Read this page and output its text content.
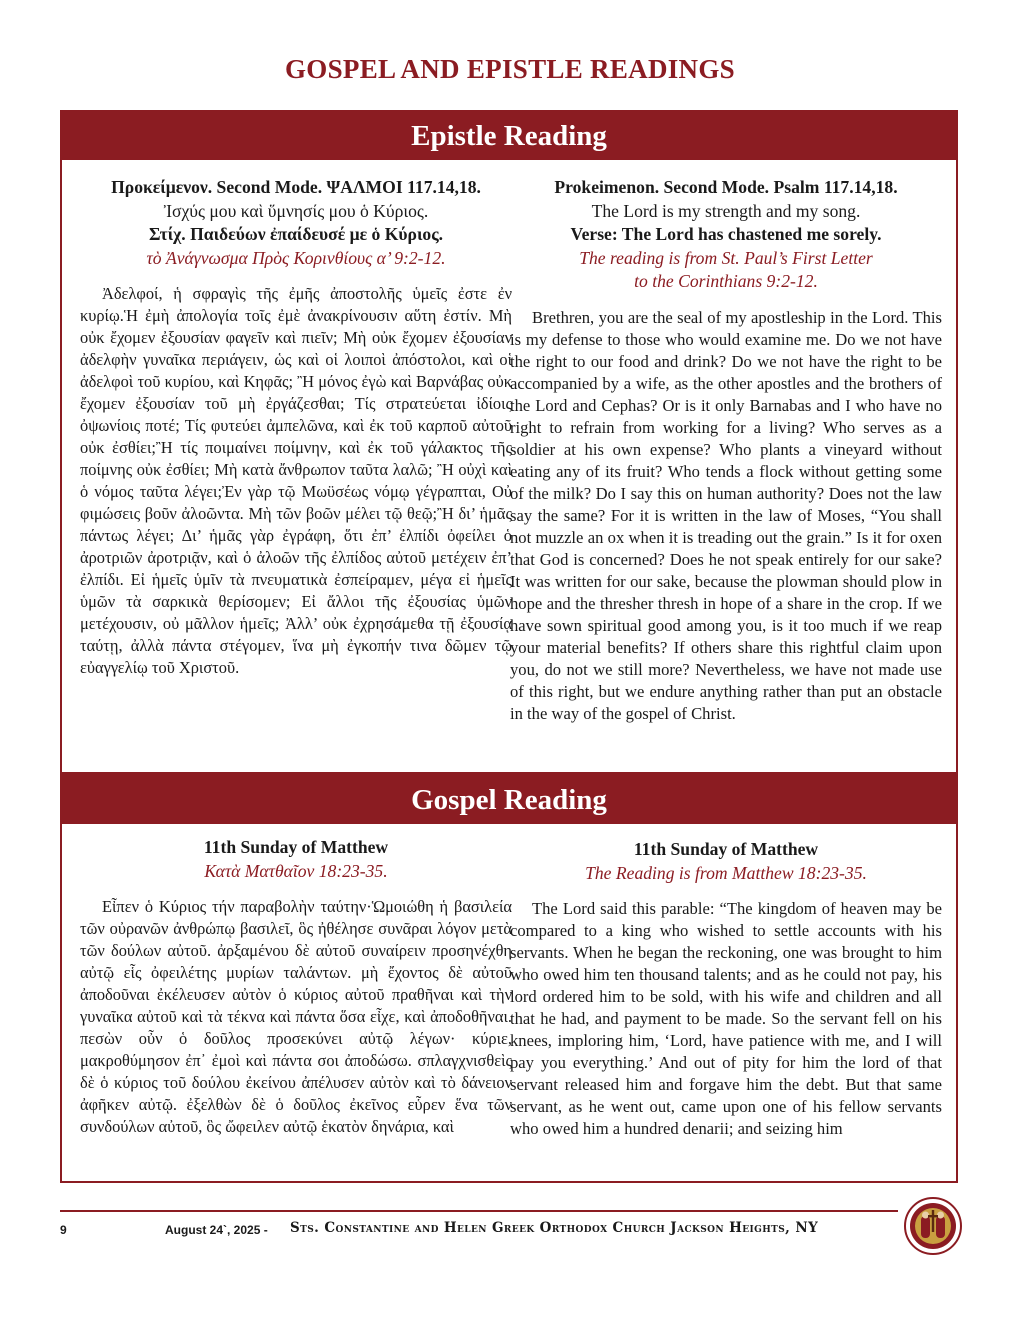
GOSPEL AND EPISTLE READINGS
Epistle Reading
Προκείμενον. Second Mode. ΨΑΛΜΟΙ 117.14,18.
Ἰσχύς μου καὶ ὕμνησίς μου ὁ Κύριος.
Στίχ. Παιδεύων ἐπαίδευσέ με ὁ Κύριος.
τὸ Ἀνάγνωσμα Πρὸς Κορινθίους α’ 9:2-12.
Ἀδελφοί, ἡ σφραγὶς τῆς ἐμῆς ἀποστολῆς ὑμεῖς ἐστε ἐν κυρίῳ.Ἡ ἐμὴ ἀπολογία τοῖς ἐμὲ ἀνακρίνουσιν αὕτη ἐστίν. Μὴ οὐκ ἔχομεν ἐξουσίαν φαγεῖν καὶ πιεῖν; Μὴ οὐκ ἔχομεν ἐξουσίαν ἀδελφὴν γυναῖκα περιάγειν, ὡς καὶ οἱ λοιποὶ ἀπόστολοι, καὶ οἱ ἀδελφοὶ τοῦ κυρίου, καὶ Κηφᾶς; Ἢ μόνος ἐγὼ καὶ Βαρνάβας οὐκ ἔχομεν ἐξουσίαν τοῦ μὴ ἐργάζεσθαι; Τίς στρατεύεται ἰδίοις ὀψωνίοις ποτέ; Τίς φυτεύει ἀμπελῶνα, καὶ ἐκ τοῦ καρποῦ αὐτοῦ οὐκ ἐσθίει;Ἢ τίς ποιμαίνει ποίμνην, καὶ ἐκ τοῦ γάλακτος τῆς ποίμνης οὐκ ἐσθίει; Μὴ κατὰ ἄνθρωπον ταῦτα λαλῶ; Ἢ οὐχὶ καὶ ὁ νόμος ταῦτα λέγει;Ἐν γὰρ τῷ Μωϋσέως νόμῳ γέγραπται, Οὐ φιμώσεις βοῦν ἀλοῶντα. Μὴ τῶν βοῶν μέλει τῷ θεῷ;Ἢ δι’ ἡμᾶς πάντως λέγει; Δι’ ἡμᾶς γὰρ ἐγράφη, ὅτι ἐπ’ ἐλπίδι ὀφείλει ὁ ἀροτριῶν ἀροτριᾷν, καὶ ὁ ἀλοῶν τῆς ἐλπίδος αὐτοῦ μετέχειν ἐπ’ ἐλπίδι. Εἰ ἡμεῖς ὑμῖν τὰ πνευματικὰ ἐσπείραμεν, μέγα εἰ ἡμεῖς ὑμῶν τὰ σαρκικὰ θερίσομεν; Εἰ ἄλλοι τῆς ἐξουσίας ὑμῶν μετέχουσιν, οὐ μᾶλλον ἡμεῖς; Ἀλλ’ οὐκ ἐχρησάμεθα τῇ ἐξουσίᾳ ταύτῃ, ἀλλὰ πάντα στέγομεν, ἵνα μὴ ἐγκοπήν τινα δῶμεν τῷ εὐαγγελίῳ τοῦ Χριστοῦ.
Prokeimenon. Second Mode. Psalm 117.14,18.
The Lord is my strength and my song.
Verse: The Lord has chastened me sorely.
The reading is from St. Paul’s First Letter
to the Corinthians 9:2-12.
Brethren, you are the seal of my apostleship in the Lord. This is my defense to those who would examine me. Do we not have the right to our food and drink? Do we not have the right to be accompanied by a wife, as the other apostles and the brothers of the Lord and Cephas? Or is it only Barnabas and I who have no right to refrain from working for a living? Who serves as a soldier at his own expense? Who plants a vineyard without eating any of its fruit? Who tends a flock without getting some of the milk? Do I say this on human authority? Does not the law say the same? For it is written in the law of Moses, “You shall not muzzle an ox when it is treading out the grain.” Is it for oxen that God is concerned? Does he not speak entirely for our sake? It was written for our sake, because the plowman should plow in hope and the thresher thresh in hope of a share in the crop. If we have sown spiritual good among you, is it too much if we reap your material benefits? If others share this rightful claim upon you, do not we still more? Nevertheless, we have not made use of this right, but we endure anything rather than put an obstacle in the way of the gospel of Christ.
Gospel Reading
11th Sunday of Matthew
Κατὰ Ματθαῖον 18:23-35.
Εἶπεν ὁ Κύριος τήν παραβολὴν ταύτην·Ὡμοιώθη ἡ βασιλεία τῶν οὐρανῶν ἀνθρώπῳ βασιλεῖ, ὃς ἠθέλησε συνᾶραι λόγον μετὰ τῶν δούλων αὐτοῦ. ἀρξαμένου δὲ αὐτοῦ συναίρειν προσηνέχθη αὐτῷ εἷς ὀφειλέτης μυρίων ταλάντων. μὴ ἔχοντος δὲ αὐτοῦ ἀποδοῦναι ἐκέλευσεν αὐτὸν ὁ κύριος αὐτοῦ πραθῆναι καὶ τὴν γυναῖκα αὐτοῦ καὶ τὰ τέκνα καὶ πάντα ὅσα εἶχε, καὶ ἀποδοθῆναι. πεσὼν οὖν ὁ δοῦλος προσεκύνει αὐτῷ λέγων· κύριε, μακροθύμησον ἐπ᾽ ἐμοὶ καὶ πάντα σοι ἀποδώσω. σπλαγχνισθεὶς δὲ ὁ κύριος τοῦ δούλου ἐκείνου ἀπέλυσεν αὐτὸν καὶ τὸ δάνειον ἀφῆκεν αὐτῷ. ἐξελθὼν δὲ ὁ δοῦλος ἐκεῖνος εὗρεν ἕνα τῶν συνδούλων αὐτοῦ, ὃς ὤφειλεν αὐτῷ ἑκατὸν δηνάρια, καὶ
11th Sunday of Matthew
The Reading is from Matthew 18:23-35.
The Lord said this parable: “The kingdom of heaven may be compared to a king who wished to settle accounts with his servants. When he began the reckoning, one was brought to him who owed him ten thousand talents; and as he could not pay, his lord ordered him to be sold, with his wife and children and all that he had, and payment to be made. So the servant fell on his knees, imploring him, ‘Lord, have patience with me, and I will pay you everything.’ And out of pity for him the lord of that servant released him and forgave him the debt. But that same servant, as he went out, came upon one of his fellow servants who owed him a hundred denarii; and seizing him
9	August 24`, 2025 - Sts. Constantine and Helen Greek Orthodox Church Jackson Heights, NY
